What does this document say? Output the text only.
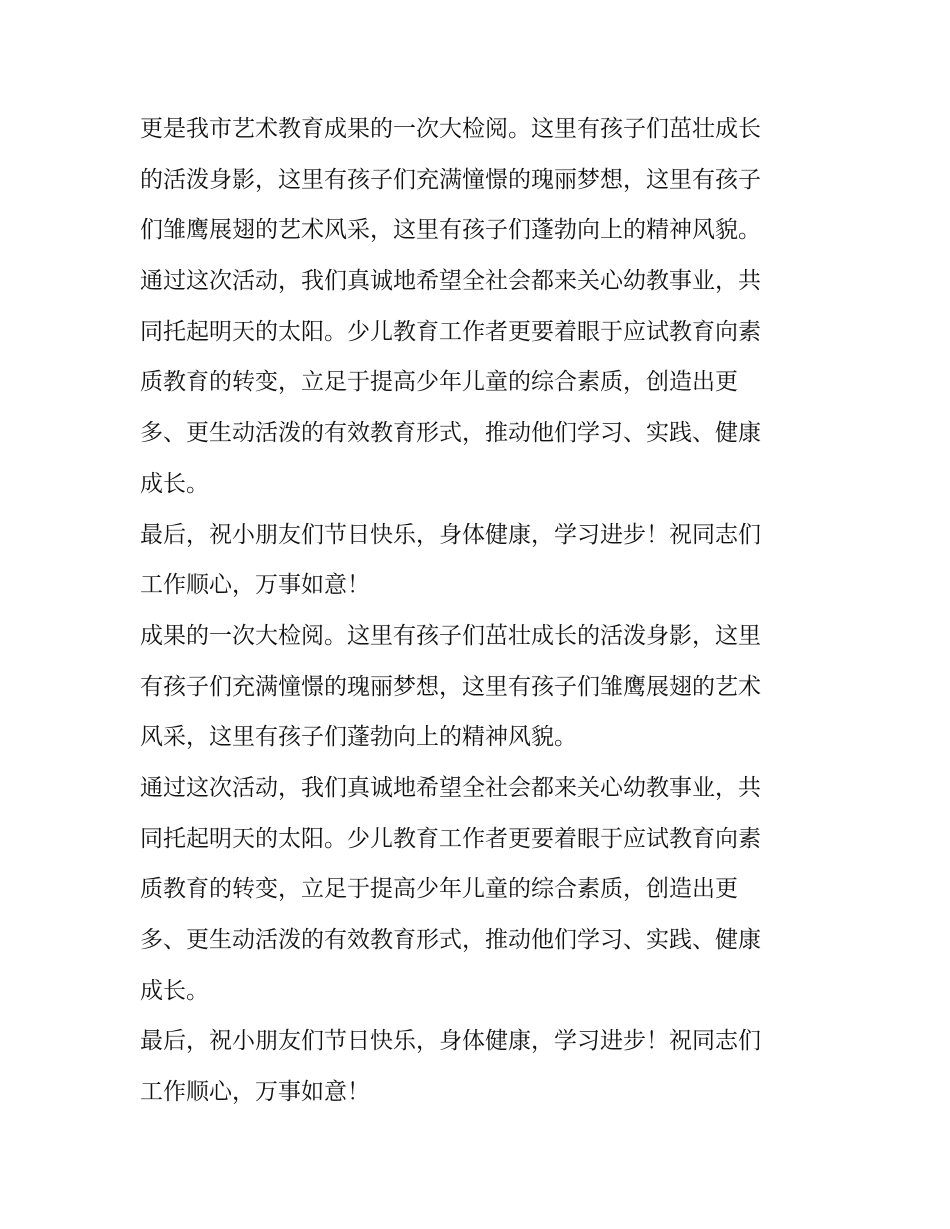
更是我市艺术教育成果的一次大检阅。这里有孩子们茁壮成长
的活泼身影，这里有孩子们充满憧憬的瑰丽梦想，这里有孩子
们雏鹰展翅的艺术风采，这里有孩子们蓬勃向上的精神风貌。
通过这次活动，我们真诚地希望全社会都来关心幼教事业，共
同托起明天的太阳。少儿教育工作者更要着眼于应试教育向素
质教育的转变，立足于提高少年儿童的综合素质，创造出更
多、更生动活泼的有效教育形式，推动他们学习、实践、健康
成长。
最后，祝小朋友们节日快乐，身体健康，学习进步！祝同志们
工作顺心，万事如意！
成果的一次大检阅。这里有孩子们茁壮成长的活泼身影，这里
有孩子们充满憧憬的瑰丽梦想，这里有孩子们雏鹰展翅的艺术
风采，这里有孩子们蓬勃向上的精神风貌。
通过这次活动，我们真诚地希望全社会都来关心幼教事业，共
同托起明天的太阳。少儿教育工作者更要着眼于应试教育向素
质教育的转变，立足于提高少年儿童的综合素质，创造出更
多、更生动活泼的有效教育形式，推动他们学习、实践、健康
成长。
最后，祝小朋友们节日快乐，身体健康，学习进步！祝同志们
工作顺心，万事如意！
